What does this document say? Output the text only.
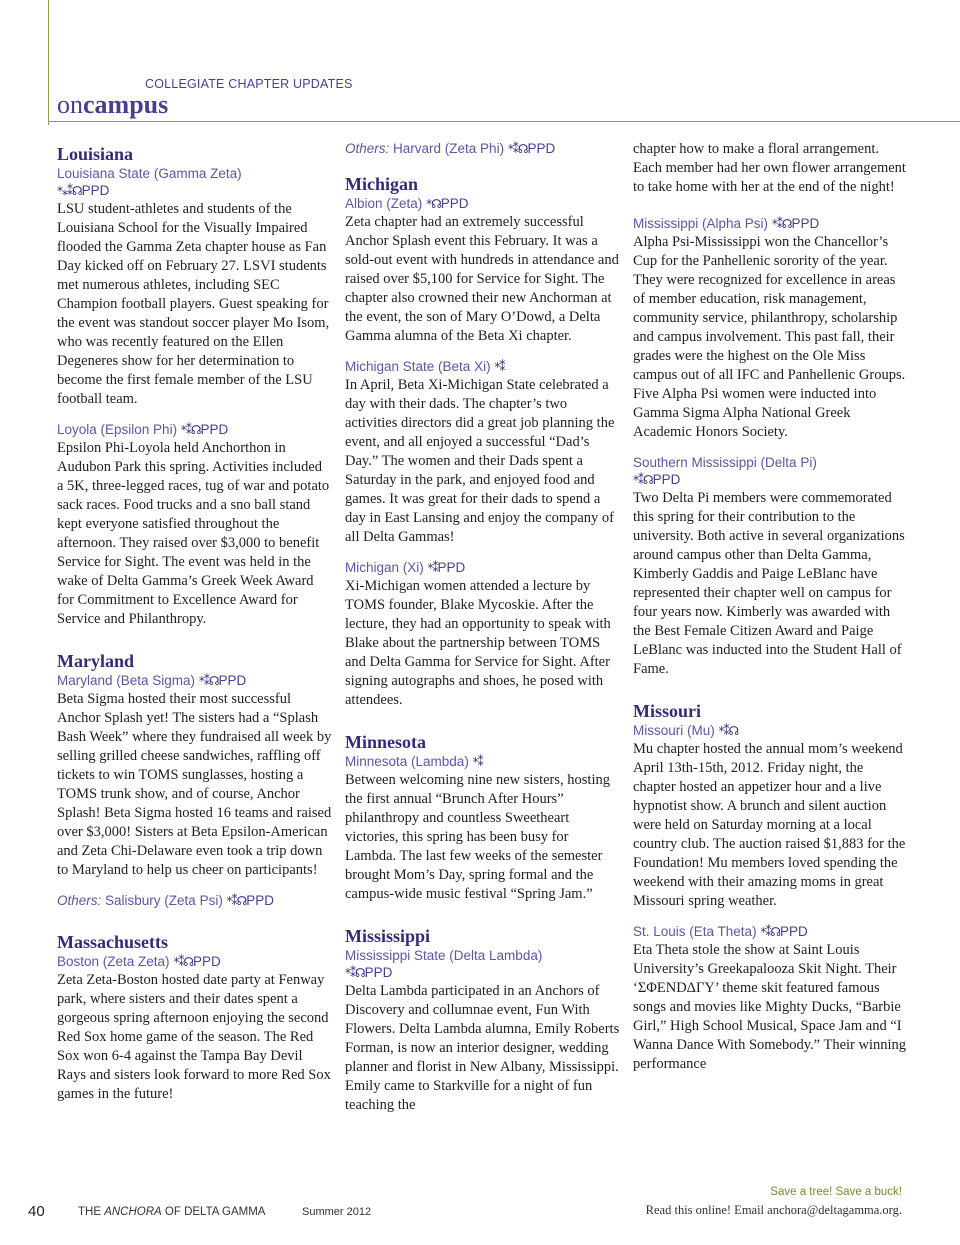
COLLEGIATE CHAPTER UPDATES
oncampus
Louisiana
Louisiana State (Gamma Zeta)
*⁎⁑☊PPD
LSU student-athletes and students of the Louisiana School for the Visually Impaired flooded the Gamma Zeta chapter house as Fan Day kicked off on February 27. LSVI students met numerous athletes, including SEC Champion football players. Guest speaking for the event was standout soccer player Mo Isom, who was recently featured on the Ellen Degeneres show for her determination to become the first female member of the LSU football team.
Loyola (Epsilon Phi) *⁑☊PPD
Epsilon Phi-Loyola held Anchorthon in Audubon Park this spring. Activities included a 5K, three-legged races, tug of war and potato sack races. Food trucks and a sno ball stand kept everyone satisfied throughout the afternoon. They raised over $3,000 to benefit Service for Sight. The event was held in the wake of Delta Gamma’s Greek Week Award for Commitment to Excellence Award for Service and Philanthropy.
Maryland
Maryland (Beta Sigma) *⁑☊PPD
Beta Sigma hosted their most successful Anchor Splash yet! The sisters had a “Splash Bash Week” where they fundraised all week by selling grilled cheese sandwiches, raffling off tickets to win TOMS sunglasses, hosting a TOMS trunk show, and of course, Anchor Splash! Beta Sigma hosted 16 teams and raised over $3,000! Sisters at Beta Epsilon-American and Zeta Chi-Delaware even took a trip down to Maryland to help us cheer on participants!
Others: Salisbury (Zeta Psi) *⁑☊PPD
Massachusetts
Boston (Zeta Zeta) *⁑☊PPD
Zeta Zeta-Boston hosted date party at Fenway park, where sisters and their dates spent a gorgeous spring afternoon enjoying the second Red Sox home game of the season. The Red Sox won 6-4 against the Tampa Bay Devil Rays and sisters look forward to more Red Sox games in the future!
Others: Harvard (Zeta Phi) *⁑☊PPD
Michigan
Albion (Zeta) *☊PPD
Zeta chapter had an extremely successful Anchor Splash event this February. It was a sold-out event with hundreds in attendance and raised over $5,100 for Service for Sight. The chapter also crowned their new Anchorman at the event, the son of Mary O’Dowd, a Delta Gamma alumna of the Beta Xi chapter.
Michigan State (Beta Xi) *⁑
In April, Beta Xi-Michigan State celebrated a day with their dads. The chapter’s two activities directors did a great job planning the event, and all enjoyed a successful “Dad’s Day.” The women and their Dads spent a Saturday in the park, and enjoyed food and games. It was great for their dads to spend a day in East Lansing and enjoy the company of all Delta Gammas!
Michigan (Xi) *⁑PPD
Xi-Michigan women attended a lecture by TOMS founder, Blake Mycoskie. After the lecture, they had an opportunity to speak with Blake about the partnership between TOMS and Delta Gamma for Service for Sight. After signing autographs and shoes, he posed with attendees.
Minnesota
Minnesota (Lambda) *⁑
Between welcoming nine new sisters, hosting the first annual “Brunch After Hours” philanthropy and countless Sweetheart victories, this spring has been busy for Lambda. The last few weeks of the semester brought Mom’s Day, spring formal and the campus-wide music festival “Spring Jam.”
Mississippi
Mississippi State (Delta Lambda)
*⁑☊PPD
Delta Lambda participated in an Anchors of Discovery and collumnae event, Fun With Flowers. Delta Lambda alumna, Emily Roberts Forman, is now an interior designer, wedding planner and florist in New Albany, Mississippi. Emily came to Starkville for a night of fun teaching the
chapter how to make a floral arrangement. Each member had her own flower arrangement to take home with her at the end of the night!
Mississippi (Alpha Psi) *⁑☊PPD
Alpha Psi-Mississippi won the Chancellor’s Cup for the Panhellenic sorority of the year. They were recognized for excellence in areas of member education, risk management, community service, philanthropy, scholarship and campus involvement. This past fall, their grades were the highest on the Ole Miss campus out of all IFC and Panhellenic Groups. Five Alpha Psi women were inducted into Gamma Sigma Alpha National Greek Academic Honors Society.
Southern Mississippi (Delta Pi)
*⁑☊PPD
Two Delta Pi members were commemorated this spring for their contribution to the university. Both active in several organizations around campus other than Delta Gamma, Kimberly Gaddis and Paige LeBlanc have represented their chapter well on campus for four years now. Kimberly was awarded with the Best Female Citizen Award and Paige LeBlanc was inducted into the Student Hall of Fame.
Missouri
Missouri (Mu) *⁑☊
Mu chapter hosted the annual mom’s weekend April 13th-15th, 2012. Friday night, the chapter hosted an appetizer hour and a live hypnotist show. A brunch and silent auction were held on Saturday morning at a local country club. The auction raised $1,883 for the Foundation! Mu members loved spending the weekend with their amazing moms in great Missouri spring weather.
St. Louis (Eta Theta) *⁑☊PPD
Eta Theta stole the show at Saint Louis University’s Greekapalooza Skit Night. Their ‘ΣΦENDΔΓY’ theme skit featured famous songs and movies like Mighty Ducks, “Barbie Girl,” High School Musical, Space Jam and “I Wanna Dance With Somebody.” Their winning performance
40	THE ANCHORA OF DELTA GAMMA	Summer 2012
Save a tree! Save a buck!
Read this online! Email anchora@deltagamma.org.
